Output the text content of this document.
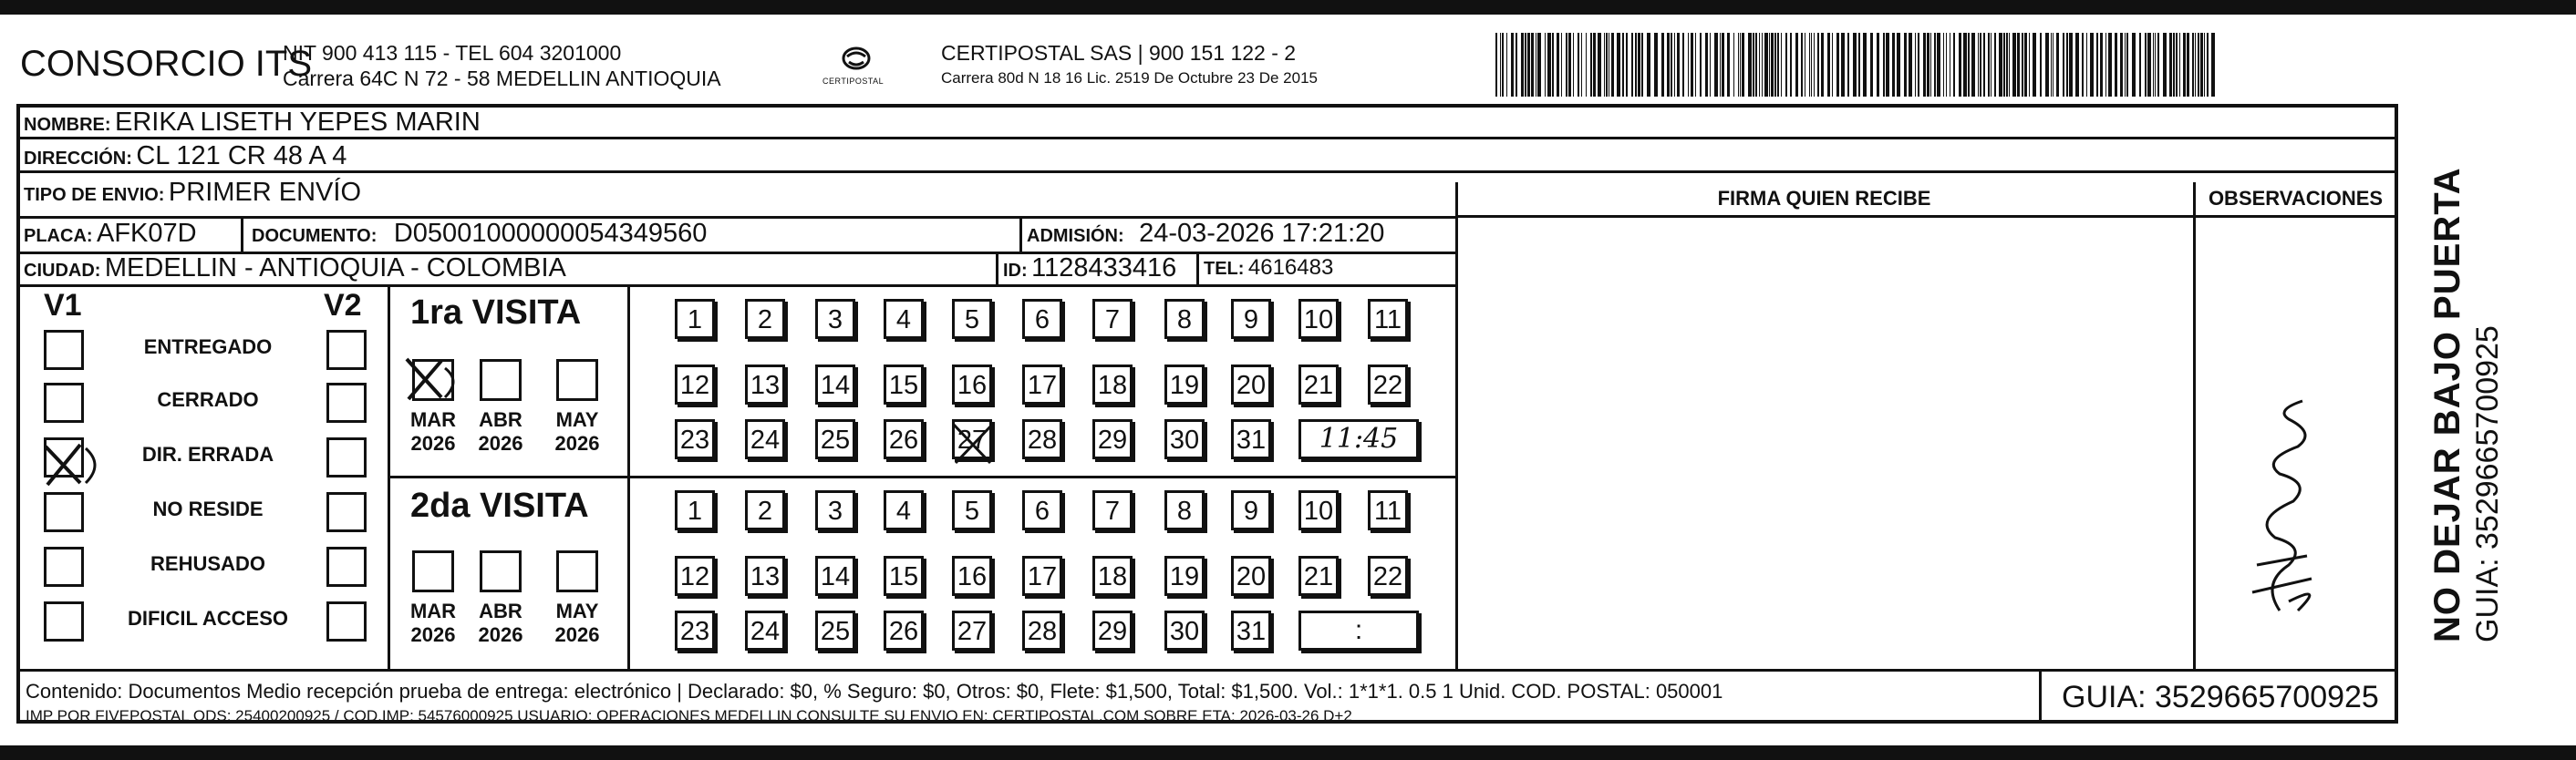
CONSORCIO ITS
NIT 900 413 115 - TEL 604 3201000
Carrera 64C N 72 - 58 MEDELLIN ANTIOQUIA	CERTIPOSTAL
CERTIPOSTAL SAS | 900 151 122 - 2
Carrera 80d N 18 16 Lic. 2519 De Octubre 23 De 2015
NOMBRE: ERIKA LISETH YEPES MARIN
DIRECCIÓN: CL 121 CR 48 A 4
TIPO DE ENVIO: PRIMER ENVÍO	FIRMA QUIEN RECIBE	OBSERVACIONES
PLACA: AFK07D	DOCUMENTO: D05001000000054349560	ADMISIÓN: 24-03-2026 17:21:20
CIUDAD: MEDELLIN - ANTIOQUIA - COLOMBIA	ID: 1128433416 TEL: 4616483
V1	V2
ENTREGADO
CERRADO
DIR. ERRADA
NO RESIDE
REHUSADO
DIFICIL ACCESO
1ra VISITA
2da VISITA
MAR
2026
ABR
2026
MAY
2026
MAR
2026
ABR
2026
MAY
2026
1	2	3	4	5	6	7	8	9	10 11
12 13 14 15 16 17 18 19 20 21 22
23 24 25 26 27 28 29 30 31	11:45
1	2	3	4	5	6	7	8	9	10 11
12 13 14 15 16 17 18 19 20 21 22
23 24 25 26 27 28 29 30 31	:
Contenido: Documentos Medio recepción prueba de entrega: electrónico | Declarado: $0, % Seguro: $0, Otros: $0, Flete: $1,500, Total: $1,500. Vol.: 1*1*1. 0.5 1 Unid. COD. POSTAL: 050001
IMP POR FIVEPOSTAL ODS: 25400200925 / COD.IMP: 54576000925 USUARIO: OPERACIONES MEDELLIN CONSULTE SU ENVIO EN: CERTIPOSTAL.COM SOBRE ETA: 2026-03-26 D+2
GUIA: 3529665700925
NO DEJAR BAJO PUERTA GUIA: 3529665700925
